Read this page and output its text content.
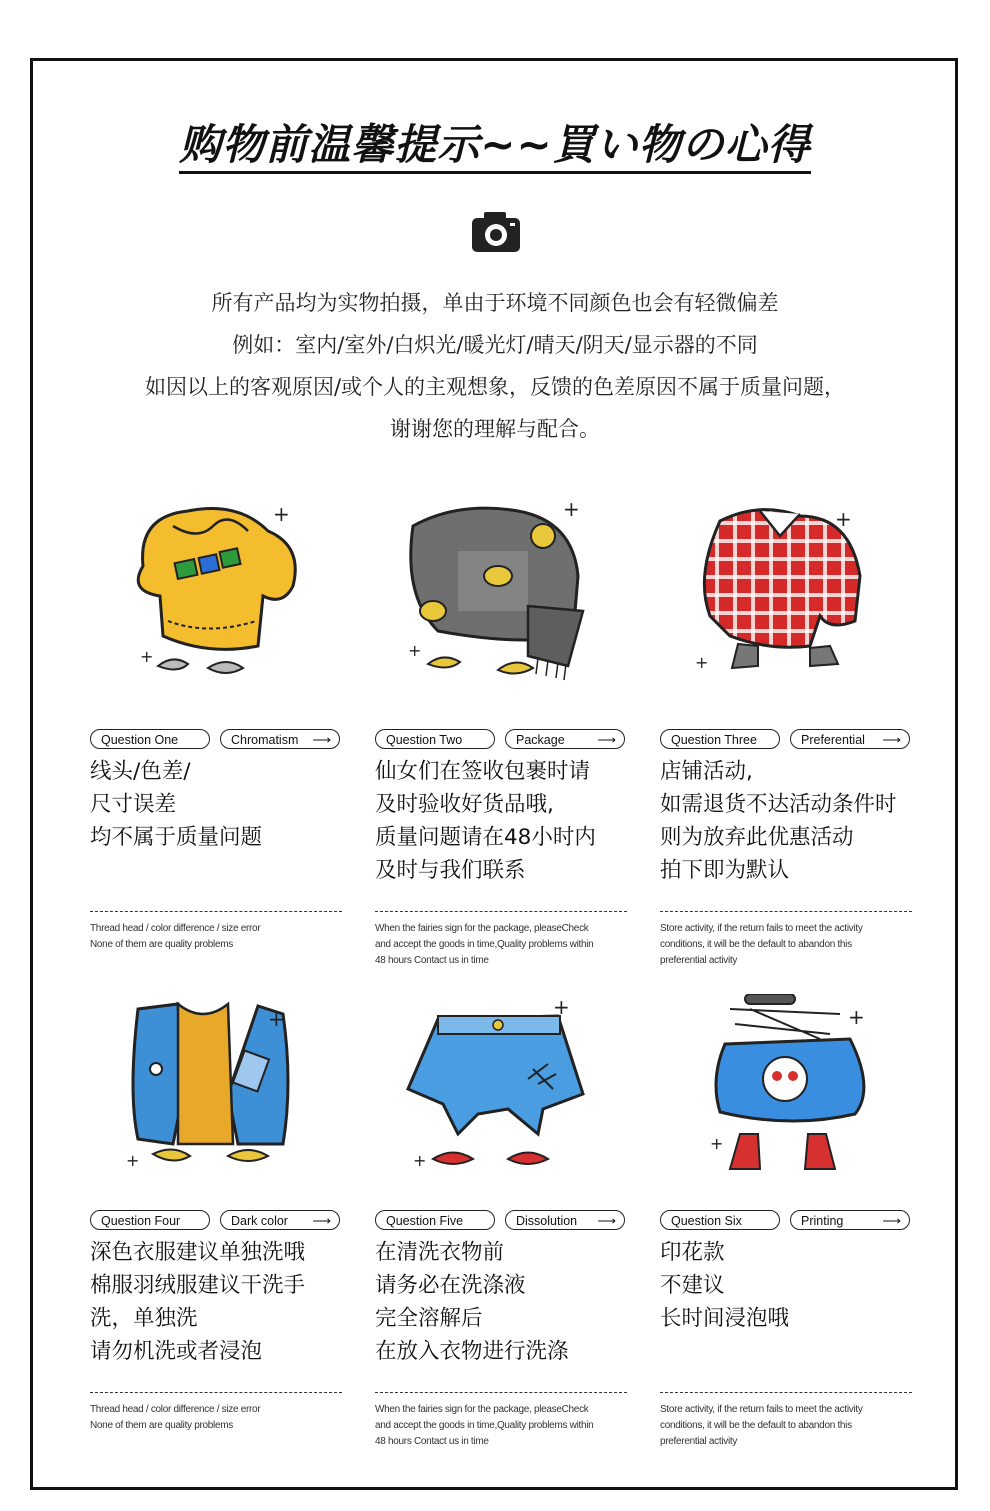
购物前温馨提示~~買い物の心得

所有产品均为实物拍摄，单由于环境不同颜色也会有轻微偏差

例如：室内/室外/白炽光/暖光灯/晴天/阴天/显示器的不同

如因以上的客观原因/或个人的主观想象，反馈的色差原因不属于质量问题，

谢谢您的理解与配合。

+
+
+
+
+
+
+
+
+
+
+
+
Question One	Chromatism ⟶

线头/色差/

尺寸误差

均不属于质量问题

Thread head / color difference / size error

None of them are quality problems

Question Two	Package	⟶

仙女们在签收包裹时请

及时验收好货品哦,

质量问题请在48小时内

及时与我们联系

When the fairies sign for the package, pleaseCheck

and accept the goods in time,Quality problems within

48 hours Contact us in time

Question Three	Preferential ⟶

店铺活动,

如需退货不达活动条件时

则为放弃此优惠活动

拍下即为默认

Store activity, if the return fails to meet the activity

conditions, it will be the default to abandon this

preferential activity

Question Four	Dark color ⟶

深色衣服建议单独洗哦

棉服羽绒服建议干洗手

洗，单独洗

请勿机洗或者浸泡

Thread head / color difference / size error

None of them are quality problems

Question Five	Dissolution ⟶

在清洗衣物前

请务必在洗涤液

完全溶解后

在放入衣物进行洗涤

When the fairies sign for the package, pleaseCheck

and accept the goods in time,Quality problems within

48 hours Contact us in time

Question Six	Printing	⟶

印花款

不建议

长时间浸泡哦

Store activity, if the return fails to meet the activity

conditions, it will be the default to abandon this

preferential activity
